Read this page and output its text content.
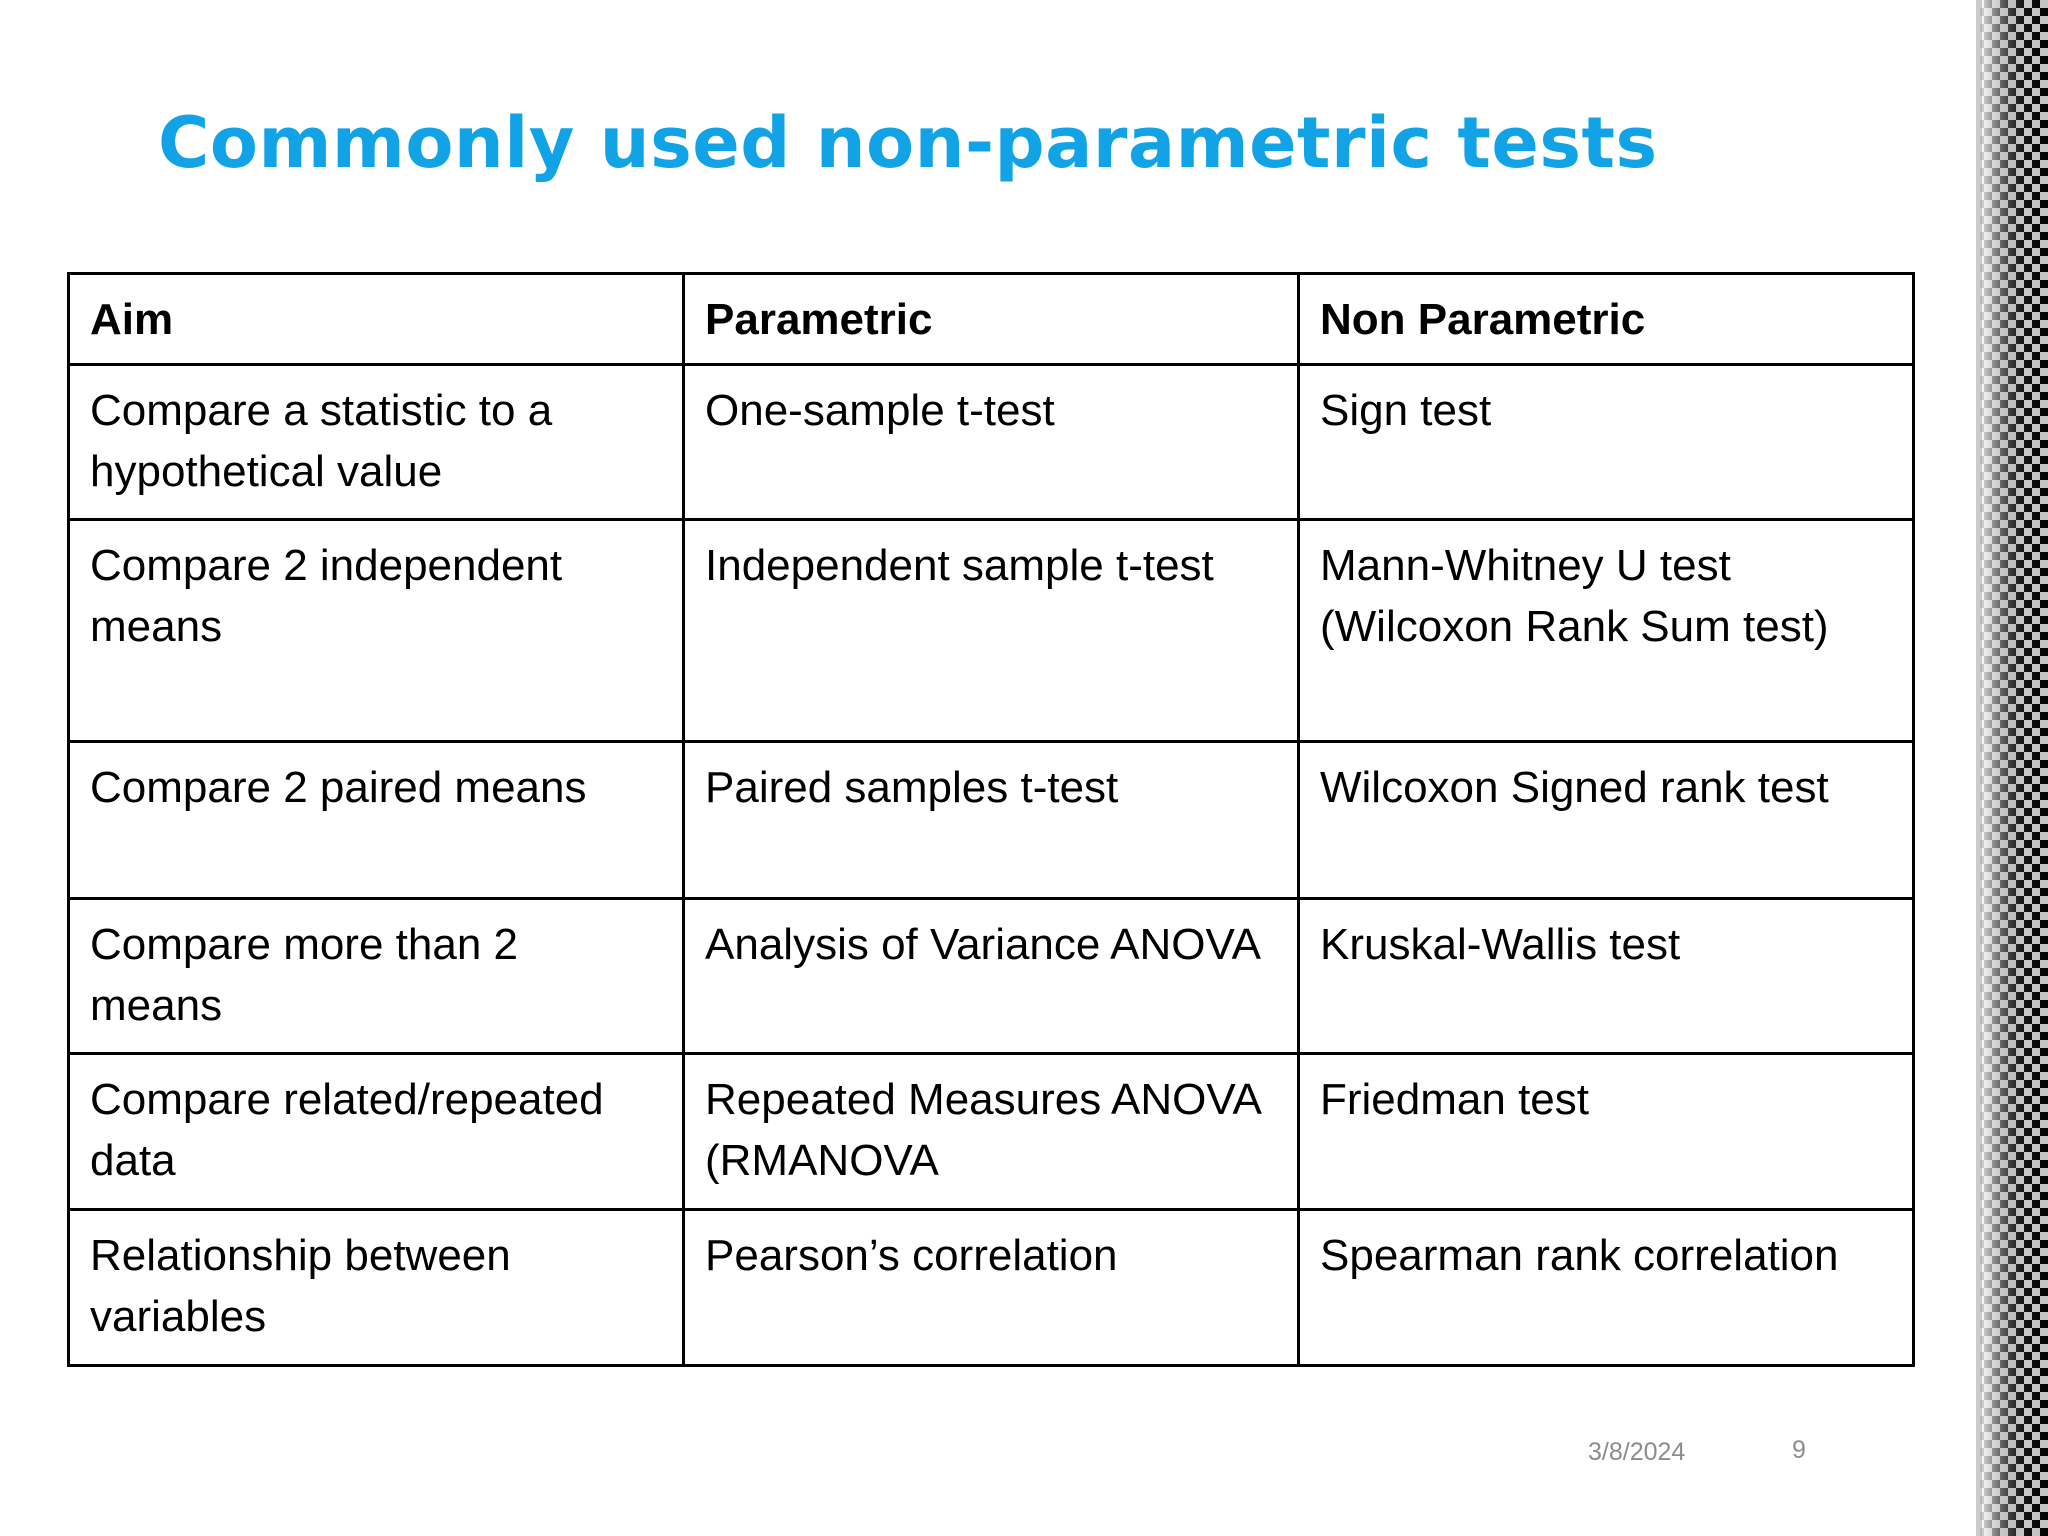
Commonly used non-parametric tests
Aim	Parametric	Non Parametric
Compare a statistic to a hypothetical value	One-sample t-test	Sign test
Compare 2 independent means	Independent sample t-test	Mann-Whitney U test (Wilcoxon Rank Sum test)
Compare 2 paired means	Paired samples t-test	Wilcoxon Signed rank test
Compare more than 2 means	Analysis of Variance ANOVA	Kruskal-Wallis test
Compare related/repeated data	Repeated Measures ANOVA (RMANOVA	Friedman test
Relationship between variables	Pearson’s correlation	Spearman rank correlation
3/8/2024	9
